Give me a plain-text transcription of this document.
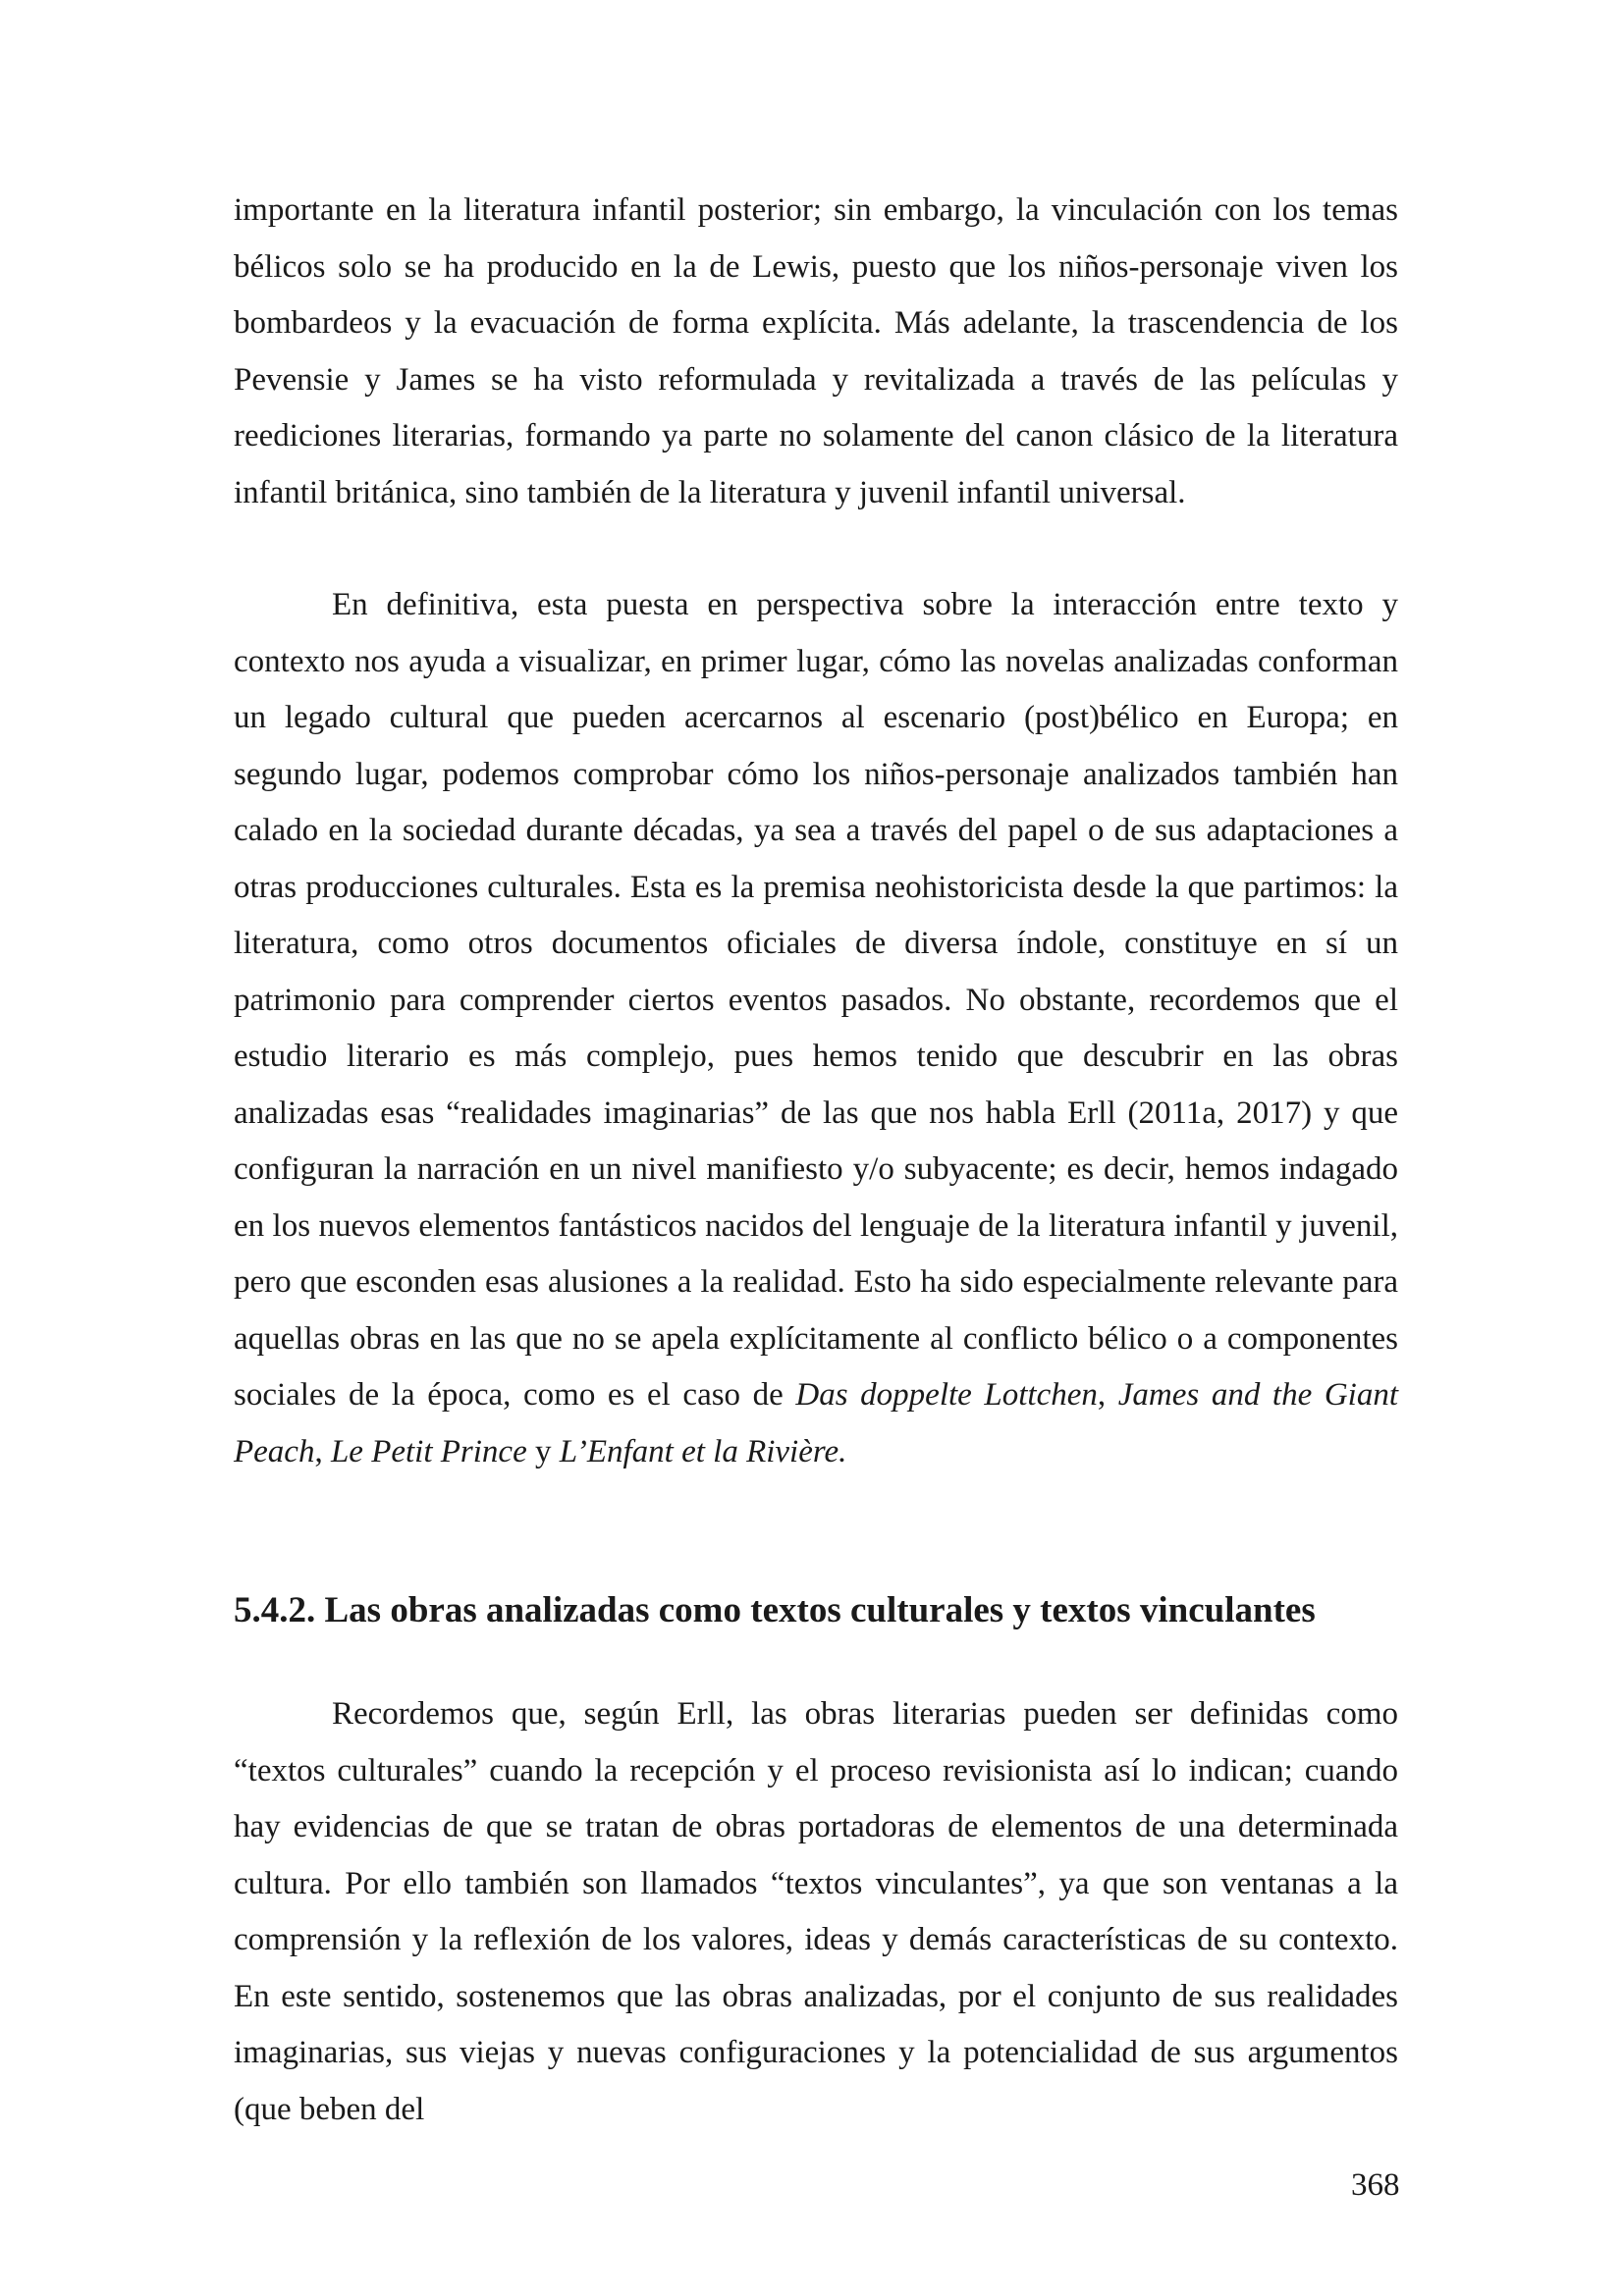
importante en la literatura infantil posterior; sin embargo, la vinculación con los temas bélicos solo se ha producido en la de Lewis, puesto que los niños-personaje viven los bombardeos y la evacuación de forma explícita. Más adelante, la trascendencia de los Pevensie y James se ha visto reformulada y revitalizada a través de las películas y reediciones literarias, formando ya parte no solamente del canon clásico de la literatura infantil británica, sino también de la literatura y juvenil infantil universal.

En definitiva, esta puesta en perspectiva sobre la interacción entre texto y contexto nos ayuda a visualizar, en primer lugar, cómo las novelas analizadas conforman un legado cultural que pueden acercarnos al escenario (post)bélico en Europa; en segundo lugar, podemos comprobar cómo los niños-personaje analizados también han calado en la sociedad durante décadas, ya sea a través del papel o de sus adaptaciones a otras producciones culturales. Esta es la premisa neohistoricista desde la que partimos: la literatura, como otros documentos oficiales de diversa índole, constituye en sí un patrimonio para comprender ciertos eventos pasados. No obstante, recordemos que el estudio literario es más complejo, pues hemos tenido que descubrir en las obras analizadas esas “realidades imaginarias” de las que nos habla Erll (2011a, 2017) y que configuran la narración en un nivel manifiesto y/o subyacente; es decir, hemos indagado en los nuevos elementos fantásticos nacidos del lenguaje de la literatura infantil y juvenil, pero que esconden esas alusiones a la realidad. Esto ha sido especialmente relevante para aquellas obras en las que no se apela explícitamente al conflicto bélico o a componentes sociales de la época, como es el caso de Das doppelte Lottchen, James and the Giant Peach, Le Petit Prince y L’Enfant et la Rivière.

5.4.2. Las obras analizadas como textos culturales y textos vinculantes

Recordemos que, según Erll, las obras literarias pueden ser definidas como “textos culturales” cuando la recepción y el proceso revisionista así lo indican; cuando hay evidencias de que se tratan de obras portadoras de elementos de una determinada cultura. Por ello también son llamados “textos vinculantes”, ya que son ventanas a la comprensión y la reflexión de los valores, ideas y demás características de su contexto. En este sentido, sostenemos que las obras analizadas, por el conjunto de sus realidades imaginarias, sus viejas y nuevas configuraciones y la potencialidad de sus argumentos (que beben del

368
